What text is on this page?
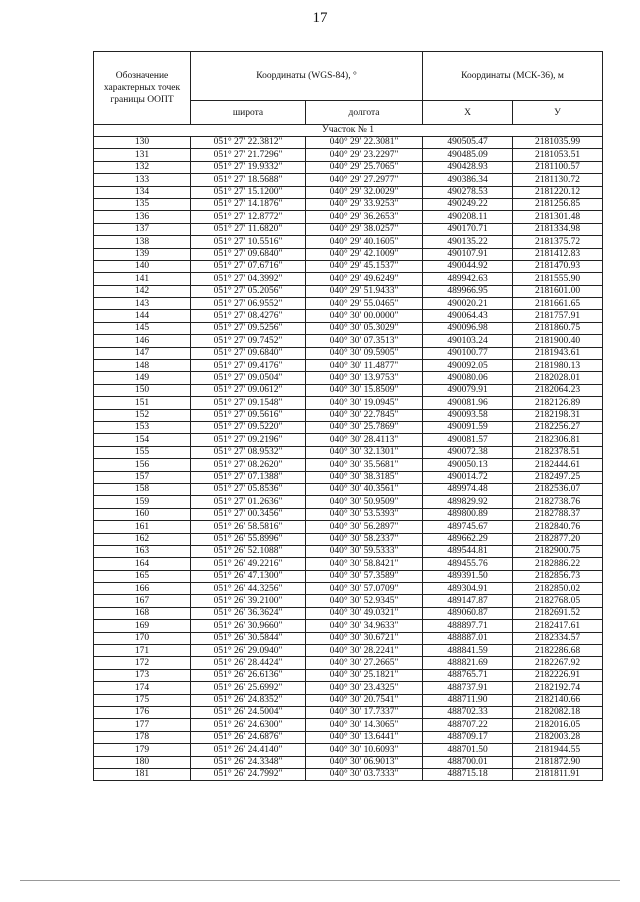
17
Обозначение характерных точек границы ООПТ	Координаты (WGS-84), °		Координаты (МСК-36), м	
	широта	долгота	X	У
Участок № 1				
130	051° 27' 22.3812"	040° 29' 22.3081"	490505.47	2181035.99
131	051° 27' 21.7296"	040° 29' 23.2297"	490485.09	2181053.51
132	051° 27' 19.9332"	040° 29' 25.7065"	490428.93	2181100.57
133	051° 27' 18.5688"	040° 29' 27.2977"	490386.34	2181130.72
134	051° 27' 15.1200"	040° 29' 32.0029"	490278.53	2181220.12
135	051° 27' 14.1876"	040° 29' 33.9253"	490249.22	2181256.85
136	051° 27' 12.8772"	040° 29' 36.2653"	490208.11	2181301.48
137	051° 27' 11.6820"	040° 29' 38.0257"	490170.71	2181334.98
138	051° 27' 10.5516"	040° 29' 40.1605"	490135.22	2181375.72
139	051° 27' 09.6840"	040° 29' 42.1009"	490107.91	2181412.83
140	051° 27' 07.6716"	040° 29' 45.1537"	490044.92	2181470.93
141	051° 27' 04.3992"	040° 29' 49.6249"	489942.63	2181555.90
142	051° 27' 05.2056"	040° 29' 51.9433"	489966.95	2181601.00
143	051° 27' 06.9552"	040° 29' 55.0465"	490020.21	2181661.65
144	051° 27' 08.4276"	040° 30' 00.0000"	490064.43	2181757.91
145	051° 27' 09.5256"	040° 30' 05.3029"	490096.98	2181860.75
146	051° 27' 09.7452"	040° 30' 07.3513"	490103.24	2181900.40
147	051° 27' 09.6840"	040° 30' 09.5905"	490100.77	2181943.61
148	051° 27' 09.4176"	040° 30' 11.4877"	490092.05	2181980.13
149	051° 27' 09.0504"	040° 30' 13.9753"	490080.06	2182028.01
150	051° 27' 09.0612"	040° 30' 15.8509"	490079.91	2182064.23
151	051° 27' 09.1548"	040° 30' 19.0945"	490081.96	2182126.89
152	051° 27' 09.5616"	040° 30' 22.7845"	490093.58	2182198.31
153	051° 27' 09.5220"	040° 30' 25.7869"	490091.59	2182256.27
154	051° 27' 09.2196"	040° 30' 28.4113"	490081.57	2182306.81
155	051° 27' 08.9532"	040° 30' 32.1301"	490072.38	2182378.51
156	051° 27' 08.2620"	040° 30' 35.5681"	490050.13	2182444.61
157	051° 27' 07.1388"	040° 30' 38.3185"	490014.72	2182497.25
158	051° 27' 05.8536"	040° 30' 40.3561"	489974.48	2182536.07
159	051° 27' 01.2636"	040° 30' 50.9509"	489829.92	2182738.76
160	051° 27' 00.3456"	040° 30' 53.5393"	489800.89	2182788.37
161	051° 26' 58.5816"	040° 30' 56.2897"	489745.67	2182840.76
162	051° 26' 55.8996"	040° 30' 58.2337"	489662.29	2182877.20
163	051° 26' 52.1088"	040° 30' 59.5333"	489544.81	2182900.75
164	051° 26' 49.2216"	040° 30' 58.8421"	489455.76	2182886.22
165	051° 26' 47.1300"	040° 30' 57.3589"	489391.50	2182856.73
166	051° 26' 44.3256"	040° 30' 57.0709"	489304.91	2182850.02
167	051° 26' 39.2100"	040° 30' 52.9345"	489147.87	2182768.05
168	051° 26' 36.3624"	040° 30' 49.0321"	489060.87	2182691.52
169	051° 26' 30.9660"	040° 30' 34.9633"	488897.71	2182417.61
170	051° 26' 30.5844"	040° 30' 30.6721"	488887.01	2182334.57
171	051° 26' 29.0940"	040° 30' 28.2241"	488841.59	2182286.68
172	051° 26' 28.4424"	040° 30' 27.2665"	488821.69	2182267.92
173	051° 26' 26.6136"	040° 30' 25.1821"	488765.71	2182226.91
174	051° 26' 25.6992"	040° 30' 23.4325"	488737.91	2182192.74
175	051° 26' 24.8352"	040° 30' 20.7541"	488711.90	2182140.66
176	051° 26' 24.5004"	040° 30' 17.7337"	488702.33	2182082.18
177	051° 26' 24.6300"	040° 30' 14.3065"	488707.22	2182016.05
178	051° 26' 24.6876"	040° 30' 13.6441"	488709.17	2182003.28
179	051° 26' 24.4140"	040° 30' 10.6093"	488701.50	2181944.55
180	051° 26' 24.3348"	040° 30' 06.9013"	488700.01	2181872.90
181	051° 26' 24.7992"	040° 30' 03.7333"	488715.18	2181811.91
